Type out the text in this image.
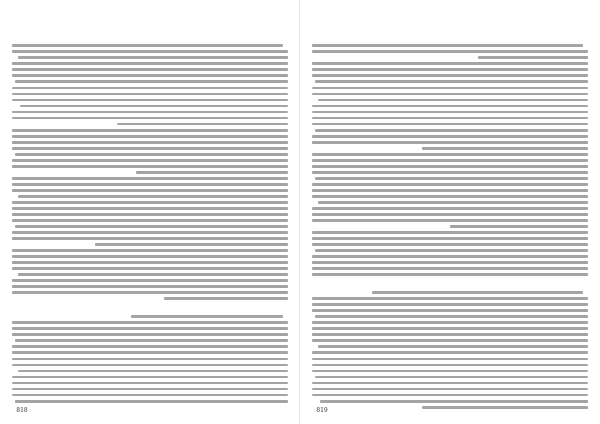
818	819
